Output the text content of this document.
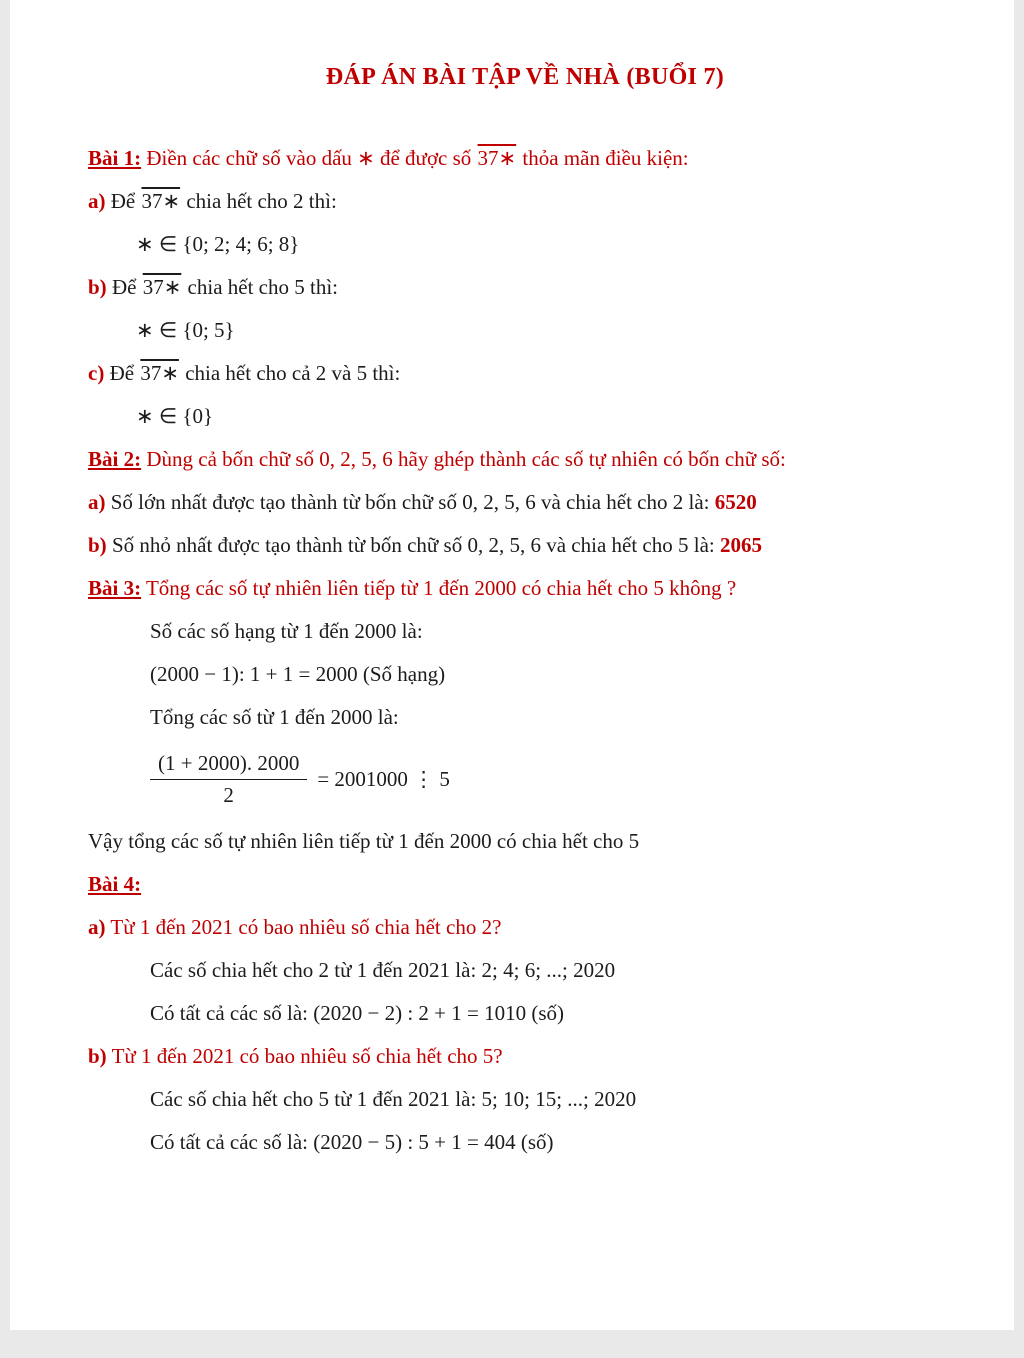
ĐÁP ÁN BÀI TẬP VỀ NHÀ (BUỔI 7)

Bài 1: Điền các chữ số vào dấu ∗ để được số 37∗ thỏa mãn điều kiện:

a) Để 37∗ chia hết cho 2 thì:

∗ ∈ {0; 2; 4; 6; 8}

b) Để 37∗ chia hết cho 5 thì:

∗ ∈ {0; 5}

c) Để 37∗ chia hết cho cả 2 và 5 thì:

∗ ∈ {0}

Bài 2: Dùng cả bốn chữ số 0, 2, 5, 6 hãy ghép thành các số tự nhiên có bốn chữ số:

a) Số lớn nhất được tạo thành từ bốn chữ số 0, 2, 5, 6 và chia hết cho 2 là: 6520

b) Số nhỏ nhất được tạo thành từ bốn chữ số 0, 2, 5, 6 và chia hết cho 5 là: 2065

Bài 3: Tổng các số tự nhiên liên tiếp từ 1 đến 2000 có chia hết cho 5 không ?

Số các số hạng từ 1 đến 2000 là:

(2000 − 1): 1 + 1 = 2000 (Số hạng)

Tổng các số từ 1 đến 2000 là:

$\frac{(1 + 2000). 2000}{2} = 2001000$ ⋮ 5

Vậy tổng các số tự nhiên liên tiếp từ 1 đến 2000 có chia hết cho 5

Bài 4:

a) Từ 1 đến 2021 có bao nhiêu số chia hết cho 2?

Các số chia hết cho 2 từ 1 đến 2021 là: 2; 4; 6; ...; 2020

Có tất cả các số là: (2020 − 2) : 2 + 1 = 1010 (số)

b) Từ 1 đến 2021 có bao nhiêu số chia hết cho 5?

Các số chia hết cho 5 từ 1 đến 2021 là: 5; 10; 15; ...; 2020

Có tất cả các số là: (2020 − 5) : 5 + 1 = 404 (số)
